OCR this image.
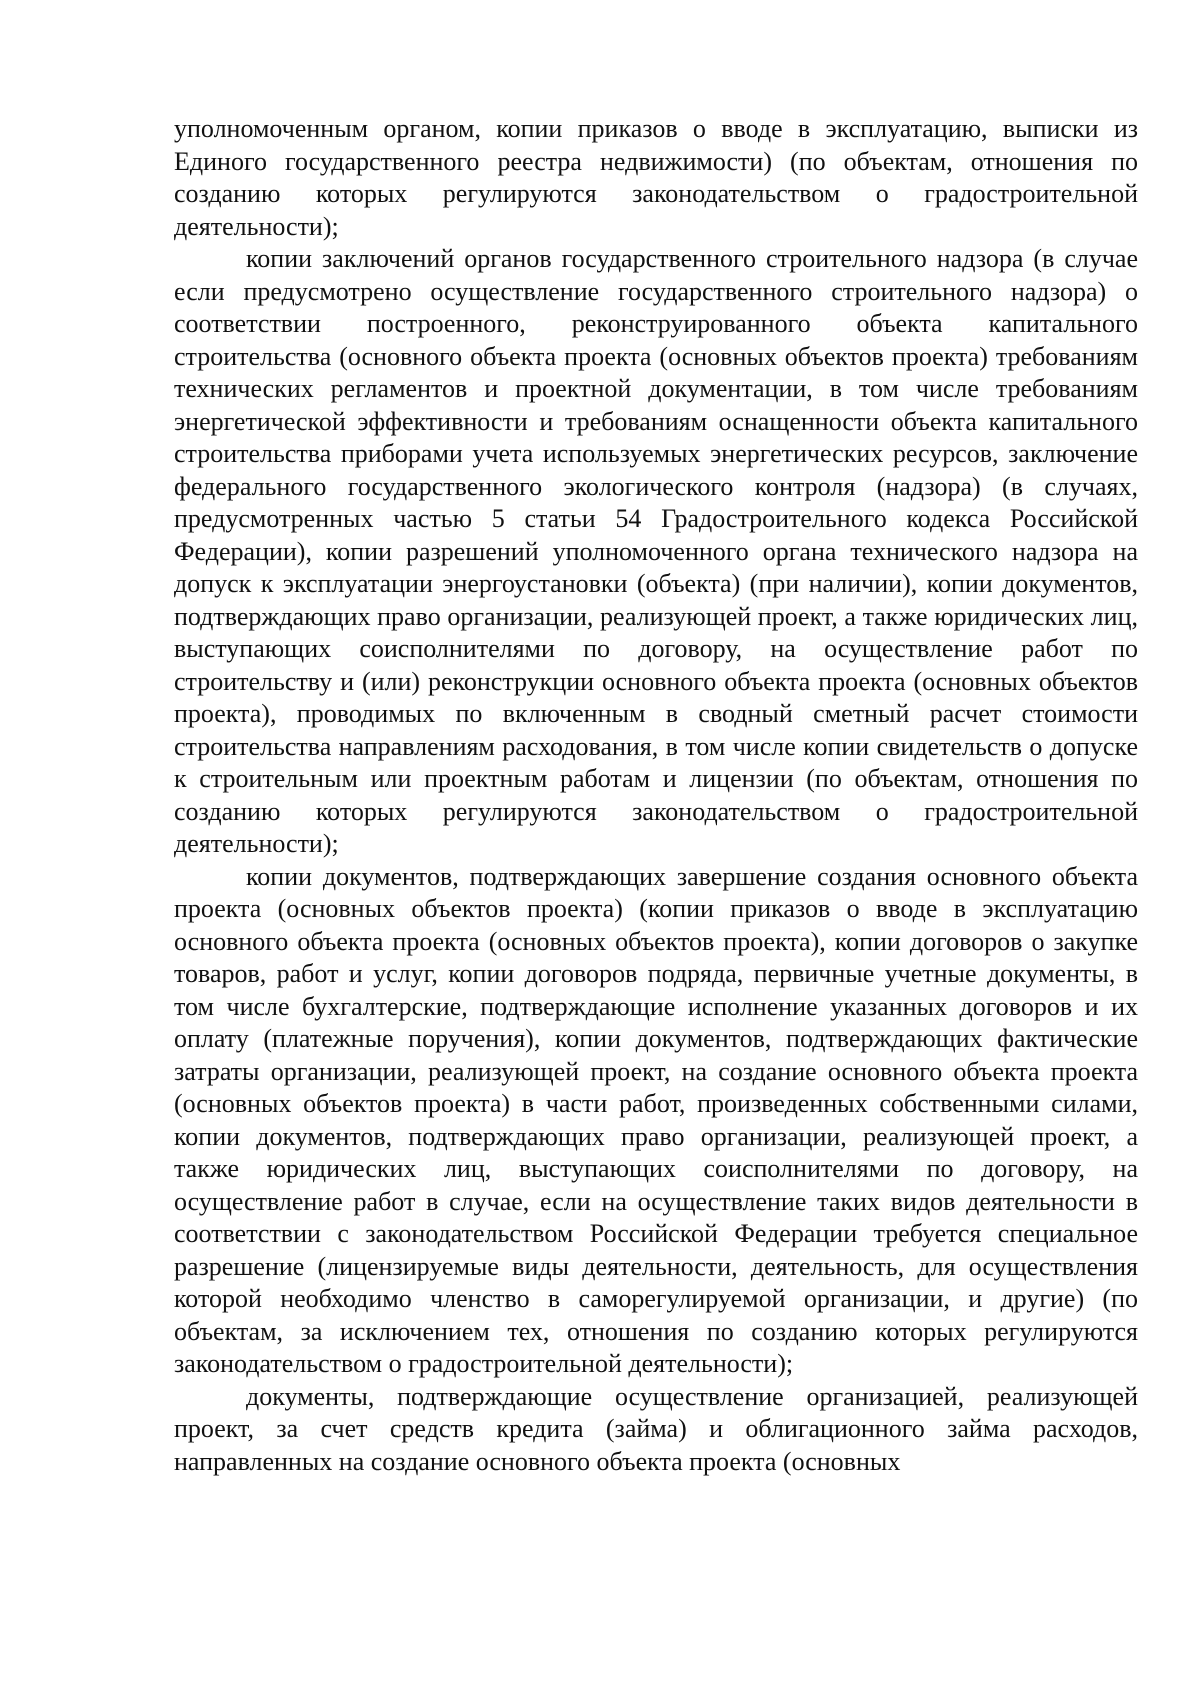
уполномоченным органом, копии приказов о вводе в эксплуатацию, выписки из Единого государственного реестра недвижимости) (по объектам, отношения по созданию которых регулируются законодательством о градостроительной деятельности);

копии заключений органов государственного строительного надзора (в случае если предусмотрено осуществление государственного строительного надзора) о соответствии построенного, реконструированного объекта капитального строительства (основного объекта проекта (основных объектов проекта) требованиям технических регламентов и проектной документации, в том числе требованиям энергетической эффективности и требованиям оснащенности объекта капитального строительства приборами учета используемых энергетических ресурсов, заключение федерального государственного экологического контроля (надзора) (в случаях, предусмотренных частью 5 статьи 54 Градостроительного кодекса Российской Федерации), копии разрешений уполномоченного органа технического надзора на допуск к эксплуатации энергоустановки (объекта) (при наличии), копии документов, подтверждающих право организации, реализующей проект, а также юридических лиц, выступающих соисполнителями по договору, на осуществление работ по строительству и (или) реконструкции основного объекта проекта (основных объектов проекта), проводимых по включенным в сводный сметный расчет стоимости строительства направлениям расходования, в том числе копии свидетельств о допуске к строительным или проектным работам и лицензии (по объектам, отношения по созданию которых регулируются законодательством о градостроительной деятельности);

копии документов, подтверждающих завершение создания основного объекта проекта (основных объектов проекта) (копии приказов о вводе в эксплуатацию основного объекта проекта (основных объектов проекта), копии договоров о закупке товаров, работ и услуг, копии договоров подряда, первичные учетные документы, в том числе бухгалтерские, подтверждающие исполнение указанных договоров и их оплату (платежные поручения), копии документов, подтверждающих фактические затраты организации, реализующей проект, на создание основного объекта проекта (основных объектов проекта) в части работ, произведенных собственными силами, копии документов, подтверждающих право организации, реализующей проект, а также юридических лиц, выступающих соисполнителями по договору, на осуществление работ в случае, если на осуществление таких видов деятельности в соответствии с законодательством Российской Федерации требуется специальное разрешение (лицензируемые виды деятельности, деятельность, для осуществления которой необходимо членство в саморегулируемой организации, и другие) (по объектам, за исключением тех, отношения по созданию которых регулируются законодательством о градостроительной деятельности);

документы, подтверждающие осуществление организацией, реализующей проект, за счет средств кредита (займа) и облигационного займа расходов, направленных на создание основного объекта проекта (основных
